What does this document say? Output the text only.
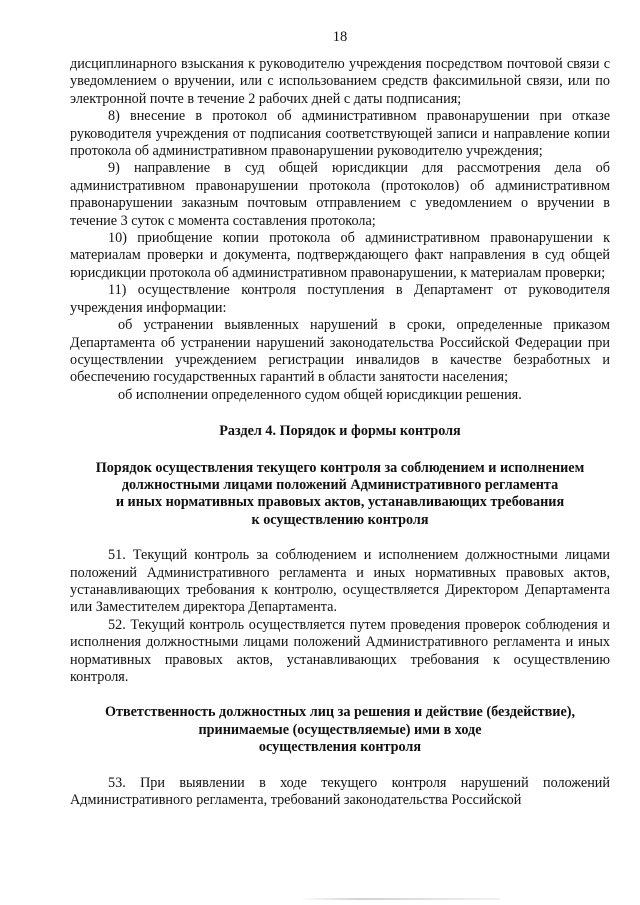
18

дисциплинарного взыскания к руководителю учреждения посредством почтовой связи с уведомлением о вручении, или с использованием средств факсимильной связи, или по электронной почте в течение 2 рабочих дней с даты подписания;

8) внесение в протокол об административном правонарушении при отказе руководителя учреждения от подписания соответствующей записи и направление копии протокола об административном правонарушении руководителю учреждения;

9) направление в суд общей юрисдикции для рассмотрения дела об административном правонарушении протокола (протоколов) об административном правонарушении заказным почтовым отправлением с уведомлением о вручении в течение 3 суток с момента составления протокола;

10) приобщение копии протокола об административном правонарушении к материалам проверки и документа, подтверждающего факт направления в суд общей юрисдикции протокола об административном правонарушении, к материалам проверки;

11) осуществление контроля поступления в Департамент от руководителя учреждения информации:

об устранении выявленных нарушений в сроки, определенные приказом Департамента об устранении нарушений законодательства Российской Федерации при осуществлении учреждением регистрации инвалидов в качестве безработных и обеспечению государственных гарантий в области занятости населения;

об исполнении определенного судом общей юрисдикции решения.

Раздел 4. Порядок и формы контроля
Порядок осуществления текущего контроля за соблюдением и исполнением
должностными лицами положений Административного регламента
и иных нормативных правовых актов, устанавливающих требования
к осуществлению контроля

51. Текущий контроль за соблюдением и исполнением должностными лицами положений Административного регламента и иных нормативных правовых актов, устанавливающих требования к контролю, осуществляется Директором Департамента или Заместителем директора Департамента.

52. Текущий контроль осуществляется путем проведения проверок соблюдения и исполнения должностными лицами положений Административного регламента и иных нормативных правовых актов, устанавливающих требования к осуществлению контроля.

Ответственность должностных лиц за решения и действие (бездействие),
принимаемые (осуществляемые) ими в ходе
осуществления контроля

53. При выявлении в ходе текущего контроля нарушений положений Административного регламента, требований законодательства Российской
